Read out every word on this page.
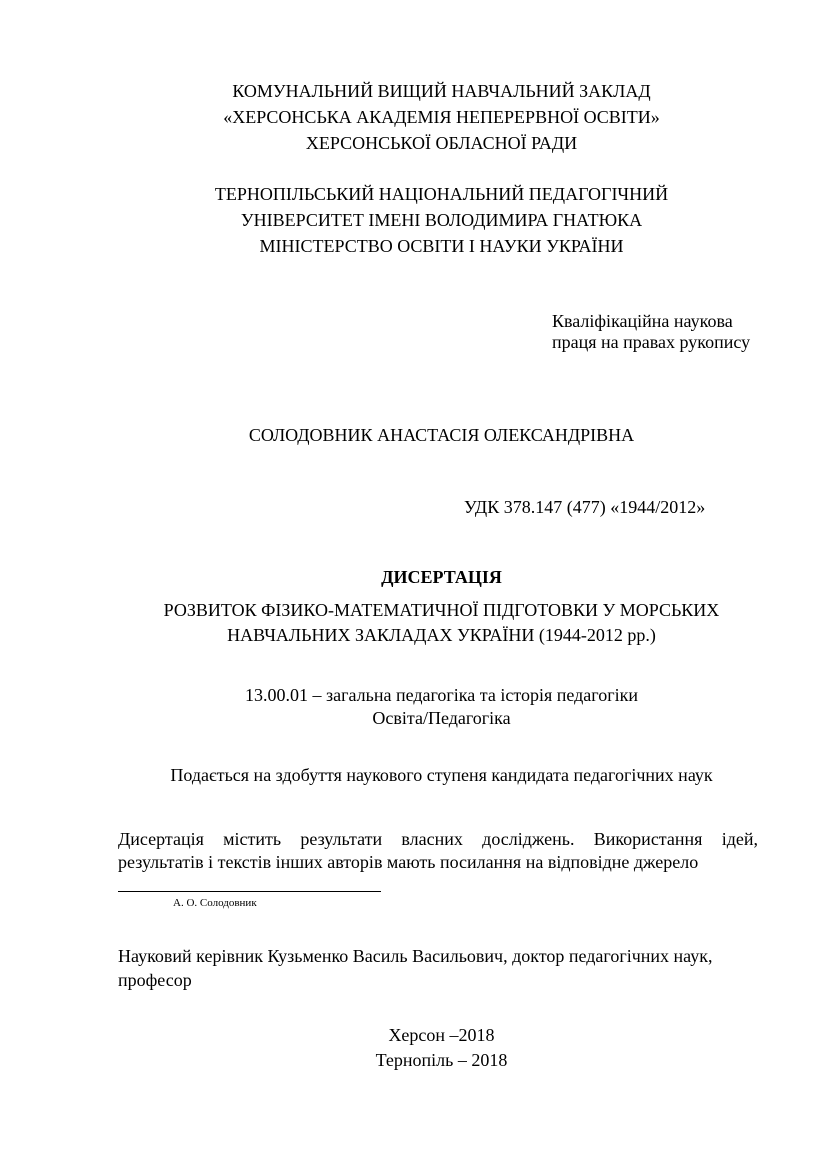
КОМУНАЛЬНИЙ ВИЩИЙ НАВЧАЛЬНИЙ ЗАКЛАД
«ХЕРСОНСЬКА АКАДЕМІЯ НЕПЕРЕРВНОЇ ОСВІТИ»
ХЕРСОНСЬКОЇ ОБЛАСНОЇ РАДИ
ТЕРНОПІЛЬСЬКИЙ НАЦІОНАЛЬНИЙ ПЕДАГОГІЧНИЙ
УНІВЕРСИТЕТ ІМЕНІ ВОЛОДИМИРА ГНАТЮКА
МІНІСТЕРСТВО ОСВІТИ І НАУКИ УКРАЇНИ
Кваліфікаційна наукова
праця на правах рукопису
СОЛОДОВНИК АНАСТАСІЯ ОЛЕКСАНДРІВНА
УДК 378.147 (477) «1944/2012»
ДИСЕРТАЦІЯ
РОЗВИТОК ФІЗИКО-МАТЕМАТИЧНОЇ ПІДГОТОВКИ У МОРСЬКИХ
НАВЧАЛЬНИХ ЗАКЛАДАХ УКРАЇНИ (1944-2012 рр.)
13.00.01 – загальна педагогіка та історія педагогіки
Освіта/Педагогіка
Подається на здобуття наукового ступеня кандидата педагогічних наук
Дисертація містить результати власних досліджень. Використання ідей,
результатів і текстів інших авторів мають посилання на відповідне джерело
А. О. Солодовник
Науковий керівник Кузьменко Василь Васильович, доктор педагогічних наук,
професор
Херсон –2018
Тернопіль – 2018
